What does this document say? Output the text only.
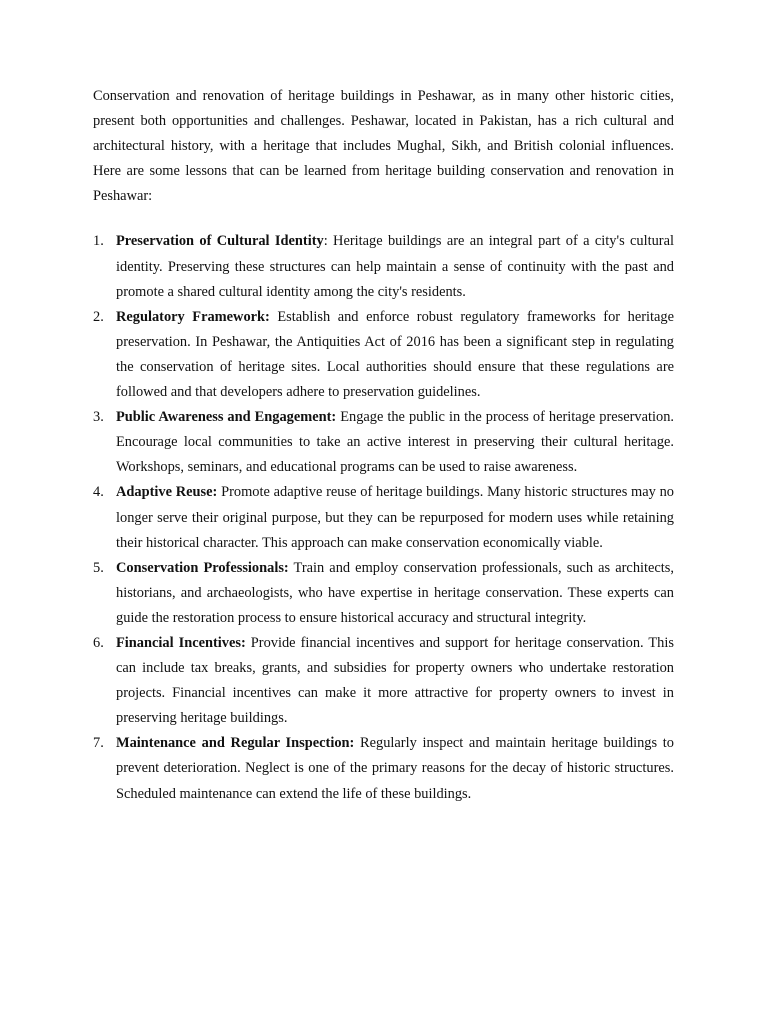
Conservation and renovation of heritage buildings in Peshawar, as in many other historic cities, present both opportunities and challenges. Peshawar, located in Pakistan, has a rich cultural and architectural history, with a heritage that includes Mughal, Sikh, and British colonial influences. Here are some lessons that can be learned from heritage building conservation and renovation in Peshawar:

1. Preservation of Cultural Identity: Heritage buildings are an integral part of a city's cultural identity. Preserving these structures can help maintain a sense of continuity with the past and promote a shared cultural identity among the city's residents.
2. Regulatory Framework: Establish and enforce robust regulatory frameworks for heritage preservation. In Peshawar, the Antiquities Act of 2016 has been a significant step in regulating the conservation of heritage sites. Local authorities should ensure that these regulations are followed and that developers adhere to preservation guidelines.
3. Public Awareness and Engagement: Engage the public in the process of heritage preservation. Encourage local communities to take an active interest in preserving their cultural heritage. Workshops, seminars, and educational programs can be used to raise awareness.
4. Adaptive Reuse: Promote adaptive reuse of heritage buildings. Many historic structures may no longer serve their original purpose, but they can be repurposed for modern uses while retaining their historical character. This approach can make conservation economically viable.
5. Conservation Professionals: Train and employ conservation professionals, such as architects, historians, and archaeologists, who have expertise in heritage conservation. These experts can guide the restoration process to ensure historical accuracy and structural integrity.
6. Financial Incentives: Provide financial incentives and support for heritage conservation. This can include tax breaks, grants, and subsidies for property owners who undertake restoration projects. Financial incentives can make it more attractive for property owners to invest in preserving heritage buildings.
7. Maintenance and Regular Inspection: Regularly inspect and maintain heritage buildings to prevent deterioration. Neglect is one of the primary reasons for the decay of historic structures. Scheduled maintenance can extend the life of these buildings.
